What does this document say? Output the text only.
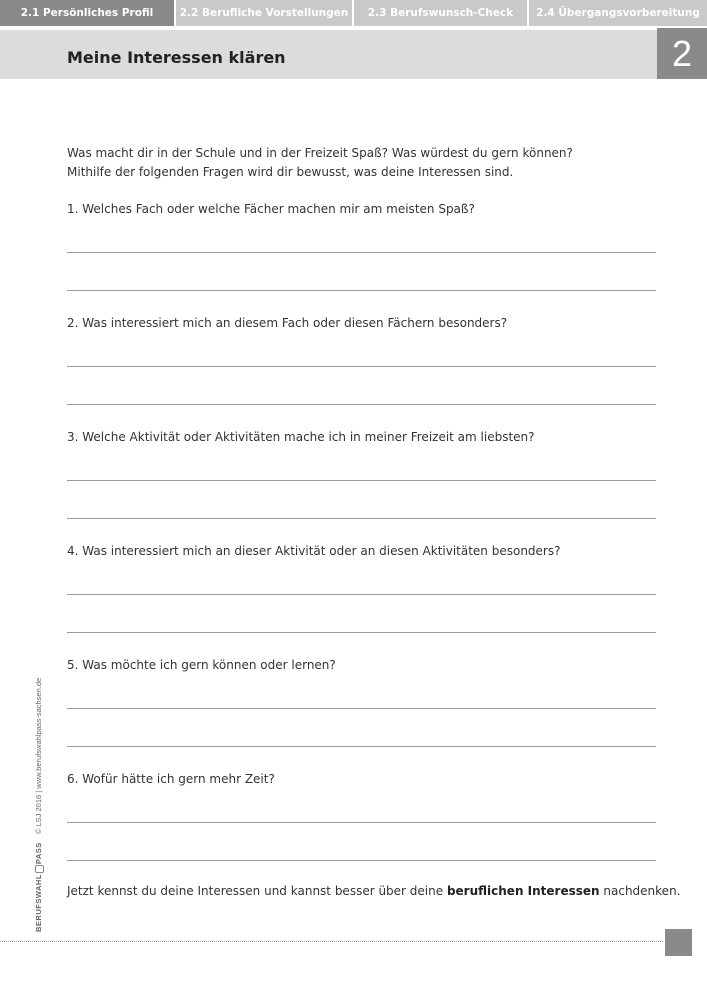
2.1 Persönliches Profil	2.2 Berufliche Vorstellungen	2.3 Berufswunsch-Check	2.4 Übergangsvorbereitung
Meine Interessen klären	2

Was macht dir in der Schule und in der Freizeit Spaß? Was würdest du gern können?

Mithilfe der folgenden Fragen wird dir bewusst, was deine Interessen sind.

1. Welches Fach oder welche Fächer machen mir am meisten Spaß?
2. Was interessiert mich an diesem Fach oder diesen Fächern besonders?
3. Welche Aktivität oder Aktivitäten mache ich in meiner Freizeit am liebsten?
4. Was interessiert mich an dieser Aktivität oder an diesen Aktivitäten besonders?
5. Was möchte ich gern können oder lernen?
6. Wofür hätte ich gern mehr Zeit?
Jetzt kennst du deine Interessen und kannst besser über deine beruflichen Interessen nachdenken.
BERUFSWAHLPASS © LSJ 2016 | www.berufswahlpass-sachsen.de
